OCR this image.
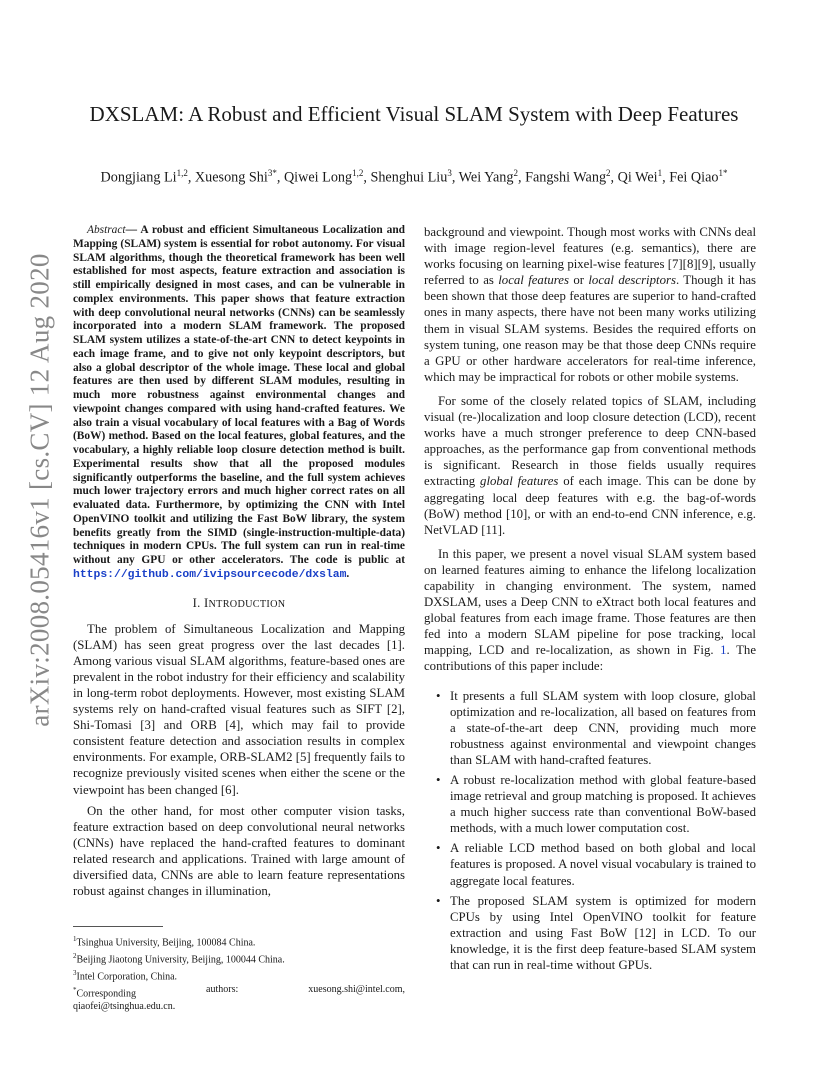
arXiv:2008.05416v1 [cs.CV] 12 Aug 2020
DXSLAM: A Robust and Efficient Visual SLAM System with Deep Features
Dongjiang Li$^{1,2}$, Xuesong Shi$^{3*}$, Qiwei Long$^{1,2}$, Shenghui Liu$^3$, Wei Yang$^2$, Fangshi Wang$^2$, Qi Wei$^1$, Fei Qiao$^{1*}$

Abstract— A robust and efficient Simultaneous Localization and Mapping (SLAM) system is essential for robot autonomy. For visual SLAM algorithms, though the theoretical framework has been well established for most aspects, feature extraction and association is still empirically designed in most cases, and can be vulnerable in complex environments. This paper shows that feature extraction with deep convolutional neural networks (CNNs) can be seamlessly incorporated into a modern SLAM framework. The proposed SLAM system utilizes a state-of-the-art CNN to detect keypoints in each image frame, and to give not only keypoint descriptors, but also a global descriptor of the whole image. These local and global features are then used by different SLAM modules, resulting in much more robustness against environmental changes and viewpoint changes compared with using hand-crafted features. We also train a visual vocabulary of local features with a Bag of Words (BoW) method. Based on the local features, global features, and the vocabulary, a highly reliable loop closure detection method is built. Experimental results show that all the proposed modules significantly outperforms the baseline, and the full system achieves much lower trajectory errors and much higher correct rates on all evaluated data. Furthermore, by optimizing the CNN with Intel OpenVINO toolkit and utilizing the Fast BoW library, the system benefits greatly from the SIMD (single-instruction-multiple-data) techniques in modern CPUs. The full system can run in real-time without any GPU or other accelerators. The code is public at https://github.com/ivipsourcecode/dxslam.

I. INTRODUCTION

The problem of Simultaneous Localization and Mapping (SLAM) has seen great progress over the last decades [1]. Among various visual SLAM algorithms, feature-based ones are prevalent in the robot industry for their efficiency and scalability in long-term robot deployments. However, most existing SLAM systems rely on hand-crafted visual features such as SIFT [2], Shi-Tomasi [3] and ORB [4], which may fail to provide consistent feature detection and association results in complex environments. For example, ORB-SLAM2 [5] frequently fails to recognize previously visited scenes when either the scene or the viewpoint has been changed [6].

On the other hand, for most other computer vision tasks, feature extraction based on deep convolutional neural networks (CNNs) have replaced the hand-crafted features to dominant related research and applications. Trained with large amount of diversified data, CNNs are able to learn feature representations robust against changes in illumination,

$^1$Tsinghua University, Beijing, 100084 China.

$^2$Beijing Jiaotong University, Beijing, 100044 China.

$^3$Intel Corporation, China.

*Corresponding	authors:	xuesong.shi@intel.com,

qiaofei@tsinghua.edu.cn.

background and viewpoint. Though most works with CNNs deal with image region-level features (e.g. semantics), there are works focusing on learning pixel-wise features [7][8][9], usually referred to as local features or local descriptors. Though it has been shown that those deep features are superior to hand-crafted ones in many aspects, there have not been many works utilizing them in visual SLAM systems. Besides the required efforts on system tuning, one reason may be that those deep CNNs require a GPU or other hardware accelerators for real-time inference, which may be impractical for robots or other mobile systems.

For some of the closely related topics of SLAM, including visual (re-)localization and loop closure detection (LCD), recent works have a much stronger preference to deep CNN-based approaches, as the performance gap from conventional methods is significant. Research in those fields usually requires extracting global features of each image. This can be done by aggregating local deep features with e.g. the bag-of-words (BoW) method [10], or with an end-to-end CNN inference, e.g. NetVLAD [11].

In this paper, we present a novel visual SLAM system based on learned features aiming to enhance the lifelong localization capability in changing environment. The system, named DXSLAM, uses a Deep CNN to eXtract both local features and global features from each image frame. Those features are then fed into a modern SLAM pipeline for pose tracking, local mapping, LCD and re-localization, as shown in Fig. 1. The contributions of this paper include:

• It presents a full SLAM system with loop closure, global optimization and re-localization, all based on features from a state-of-the-art deep CNN, providing much more robustness against environmental and viewpoint changes than SLAM with hand-crafted features.
• A robust re-localization method with global feature-based image retrieval and group matching is proposed. It achieves a much higher success rate than conventional BoW-based methods, with a much lower computation cost.
• A reliable LCD method based on both global and local features is proposed. A novel visual vocabulary is trained to aggregate local features.
• The proposed SLAM system is optimized for modern CPUs by using Intel OpenVINO toolkit for feature extraction and using Fast BoW [12] in LCD. To our knowledge, it is the first deep feature-based SLAM system that can run in real-time without GPUs.
